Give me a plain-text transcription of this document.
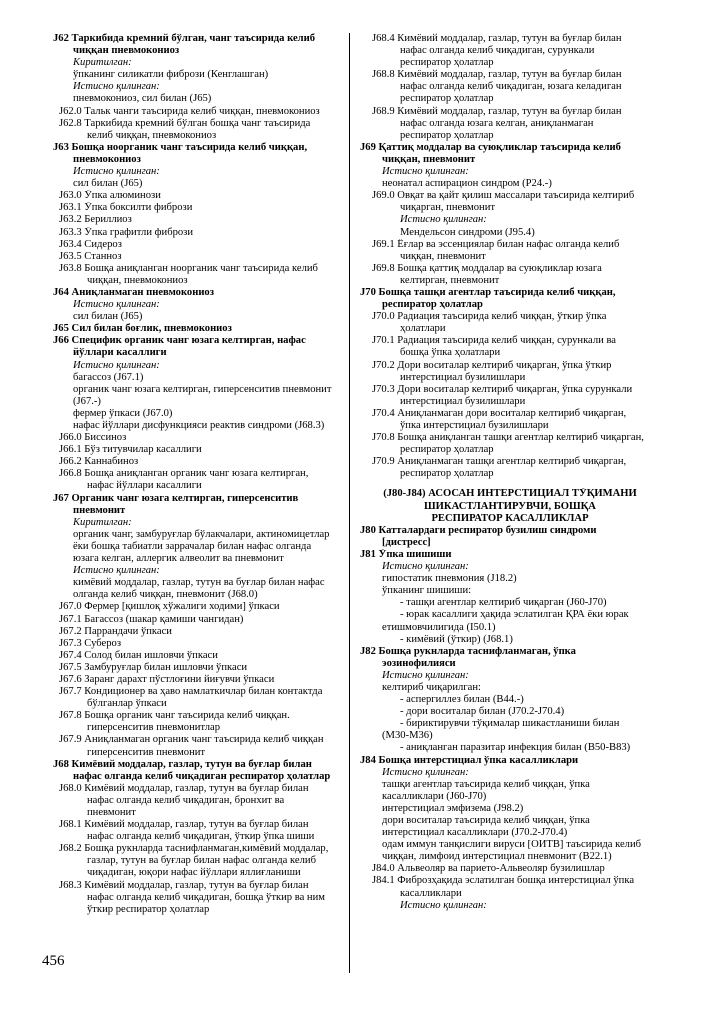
J62 Таркибида кремний бўлган, чанг таъсирида келиб
чиққан пневмокониоз
Киритилган:
ўпканинг силикатли фибрози (Кенглашган)
Истисно қилинган:
пневмокониоз, сил билан (J65)
J62.0 Тальк чанги таъсирида келиб чиққан, пневмокониоз
J62.8 Таркибида кремний бўлган бошқа чанг таъсирида
келиб чиққан, пневмокониоз
J63 Бошқа ноорганик чанг таъсирида келиб чиққан,
пневмокониоз
Истисно қилинган:
сил билан (J65)
J63.0 Ўпка алюминози
J63.1 Ўпка боксилти фибрози
J63.2 Бериллиоз
J63.3 Ўпка графитли фибрози
J63.4 Сидероз
J63.5 Станноз
J63.8 Бошқа аниқланган ноорганик чанг таъсирида келиб
чиққан, пневмокониоз
J64 Аниқланмаган пневмокониоз
Истисно қилинган:
сил билан (J65)
J65 Сил билан боғлик, пневмокониоз
J66 Специфик органик чанг юзага келтирган, нафас
йўллари касаллиги
Истисно қилинган:
багассоз (J67.1)
органик чанг юзага келтирган, гиперсенситив пневмонит
(J67.-)
фермер ўпкаси (J67.0)
нафас йўллари дисфункцияси реактив синдроми (J68.3)
J66.0 Биссиноз
J66.1 Бўз титувчилар касаллиги
J66.2 Каннабиноз
J66.8 Бошқа аниқланган органик чанг юзага келтирган,
нафас йўллари касаллиги
J67 Органик чанг юзага келтирган, гиперсенситив
пневмонит
Киритилган:
органик чанг, замбуруғлар бўлакчалари, актиномицетлар
ёки бошқа табиатли заррачалар билан нафас олганда
юзага келган, аллергик алвеолит ва пневмонит
Истисно қилинган:
кимёвий моддалар, газлар, тутун ва буғлар билан нафас
олганда келиб чиққан, пневмонит (J68.0)
J67.0 Фермер [қишлоқ хўжалиги ходими] ўпкаси
J67.1 Багассоз (шакар қамиши чангидан)
J67.2 Паррандачи ўпкаси
J67.3 Субероз
J67.4 Солод билан ишловчи ўпкаси
J67.5 Замбуруғлар билан ишловчи ўпкаси
J67.6 Заранг дарахт пўстлоғини йиғувчи ўпкаси
J67.7 Кондиционер ва ҳаво намлаткичлар билан контактда
бўлганлар ўпкаси
J67.8 Бошқа органик чанг таъсирида келиб чиққан.
гиперсенситив пневмонитлар
J67.9 Аниқланмаган органик чанг таъсирида келиб чиққан
гиперсенситив пневмонит
J68 Кимёвий моддалар, газлар, тутун ва буғлар билан
нафас олганда келиб чиқадиган респиратор ҳолатлар
J68.0 Кимёвий моддалар, газлар, тутун ва буғлар билан
нафас олганда келиб чиқадиган, бронхит ва
пневмонит
J68.1 Кимёвий моддалар, газлар, тутун ва буғлар билан
нафас олганда келиб чиқадиган, ўткир ўпка шиши
J68.2 Бошқа рукнларда таснифланмаган,кимёвий моддалар,
газлар, тутун ва буғлар билан нафас олганда келиб
чиқадиган, юқори нафас йўллари яллиғланиши
J68.3 Кимёвий моддалар, газлар, тутун ва буғлар билан
нафас олганда келиб чиқадиган, бошқа ўткир ва ним
ўткир респиратор ҳолатлар
J68.4 Кимёвий моддалар, газлар, тутун ва буғлар билан
нафас олганда келиб чиқадиган, сурункали
респиратор ҳолатлар
J68.8 Кимёвий моддалар, газлар, тутун ва буғлар билан
нафас олганда келиб чиқадиган, юзага келадиган
респиратор ҳолатлар
J68.9 Кимёвий моддалар, газлар, тутун ва буғлар билан
нафас олганда юзага келган, аниқланмаган
респиратор ҳолатлар
J69 Қаттиқ моддалар ва суюқликлар таъсирида келиб
чиққан, пневмонит
Истисно қилинган:
неонатал аспирацион синдром (P24.-)
J69.0 Овқат ва қайт қилиш массалари таъсирида келтириб
чиқарган, пневмонит
Истисно қилинган:
Мендельсон синдроми (J95.4)
J69.1 Ёғлар ва эссенциялар билан нафас олганда келиб
чиққан, пневмонит
J69.8 Бошқа қаттиқ моддалар ва суюқликлар юзага
келтирган, пневмонит
J70 Бошқа ташқи агентлар таъсирида келиб чиққан,
респиратор ҳолатлар
J70.0 Радиация таъсирида келиб чиққан, ўткир ўпка
ҳолатлари
J70.1 Радиация таъсирида келиб чиққан, сурункали ва
бошқа ўпка ҳолатлари
J70.2 Дори воситалар келтириб чиқарган, ўпка ўткир
интерстициал бузилишлари
J70.3 Дори воситалар келтириб чиқарган, ўпка сурункали
интерстициал бузилишлари
J70.4 Аниқланмаган дори воситалар келтириб чиқарган,
ўпка интерстициал бузилишлари
J70.8 Бошқа аниқланган ташқи агентлар келтириб чиқарган,
респиратор ҳолатлар
J70.9 Аниқланмаган ташқи агентлар келтириб чиқарган,
респиратор ҳолатлар
(J80-J84) АСОСАН ИНТЕРСТИЦИАЛ ТЎҚИМАНИ
ШИКАСТЛАНТИРУВЧИ, БОШҚА
РЕСПИРАТОР КАСАЛЛИКЛАР
J80 Катталардаги респиратор бузилиш синдроми
[дистресс]
J81 Ўпка шишиши
Истисно қилинган:
гипостатик пневмония (J18.2)
ўпканинг шишиши:
- ташқи агентлар келтириб чиқарган (J60-J70)
- юрак касаллиги ҳақида эслатилган ҚРА ёки юрак
етишмовчилигида (I50.1)
- кимёвий (ўткир) (J68.1)
J82 Бошқа рукнларда таснифланмаган, ўпка
эозинофилияси
Истисно қилинган:
келтириб чиқарилган:
- аспергиллез билан (B44.-)
- дори воситалар билан (J70.2-J70.4)
- бириктирувчи тўқималар шикастланиши билан
(M30-M36)
- аниқланган паразитар инфекция билан (B50-B83)
J84 Бошқа интерстициал ўпка касалликлари
Истисно қилинган:
ташқи агентлар таъсирида келиб чиққан, ўпка
касалликлари (J60-J70)
интерстициал эмфизема (J98.2)
дори воситалар таъсирида келиб чиққан, ўпка
интерстициал касалликлари (J70.2-J70.4)
одам иммун танқислиги вируси [ОИТВ] таъсирида келиб
чиққан, лимфоид интерстициал пневмонит (B22.1)
J84.0 Альвеоляр ва парието-Альвеоляр бузилишлар
J84.1 Фиброзҳақида эслатилган бошқа интерстициал ўпка
касалликлари
Истисно қилинган:
456
